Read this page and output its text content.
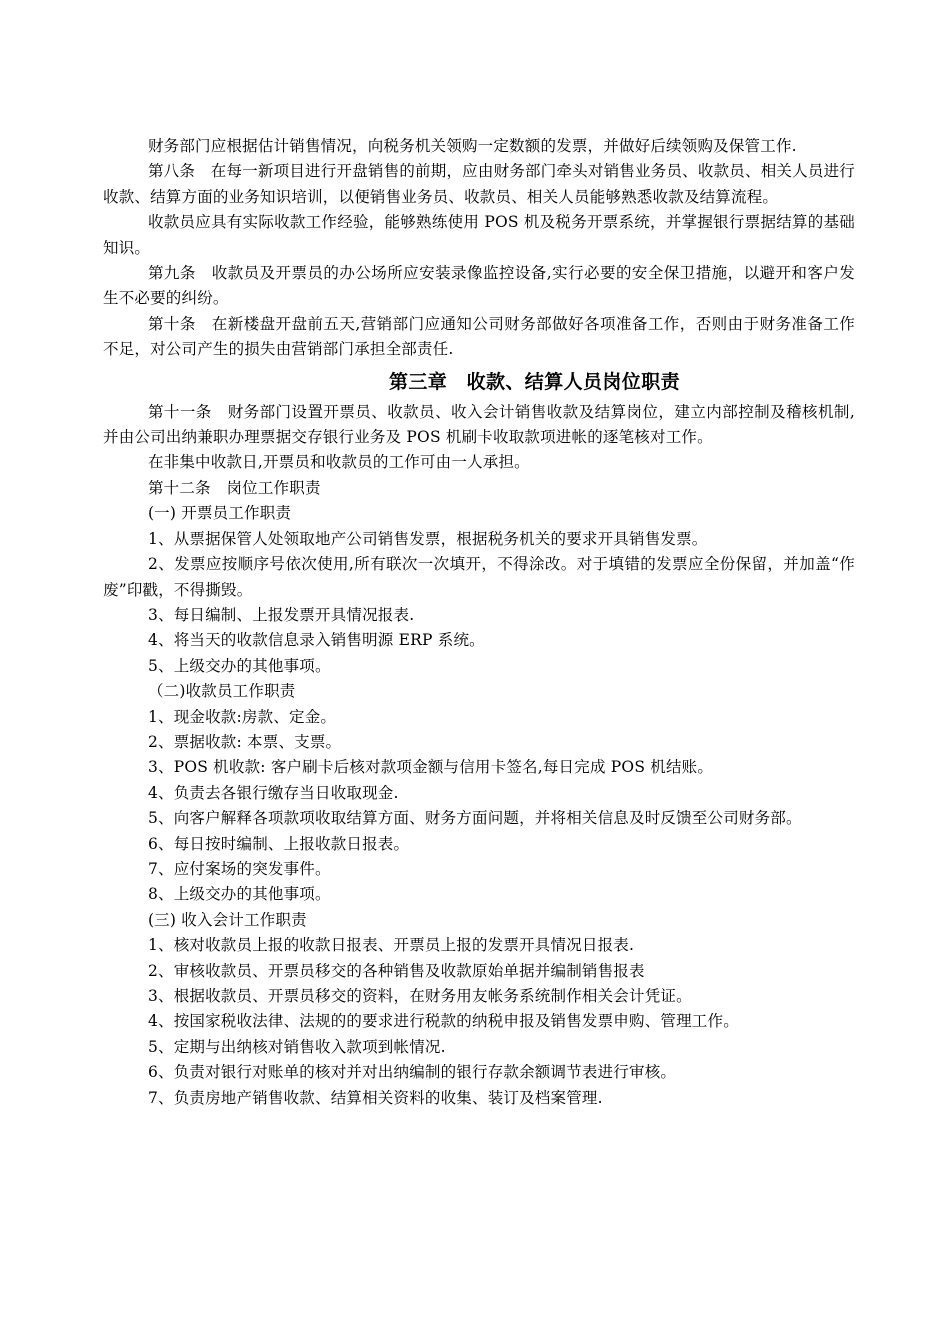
财务部门应根据估计销售情况，向税务机关领购一定数额的发票，并做好后续领购及保管工作.

第八条　在每一新项目进行开盘销售的前期，应由财务部门牵头对销售业务员、收款员、相关人员进行收款、结算方面的业务知识培训，以便销售业务员、收款员、相关人员能够熟悉收款及结算流程。

收款员应具有实际收款工作经验，能够熟练使用 POS 机及税务开票系统，并掌握银行票据结算的基础知识。

第九条　收款员及开票员的办公场所应安装录像监控设备,实行必要的安全保卫措施，以避开和客户发生不必要的纠纷。

第十条　在新楼盘开盘前五天,营销部门应通知公司财务部做好各项准备工作，否则由于财务准备工作不足，对公司产生的损失由营销部门承担全部责任.

第三章　收款、结算人员岗位职责

第十一条　财务部门设置开票员、收款员、收入会计销售收款及结算岗位，建立内部控制及稽核机制,并由公司出纳兼职办理票据交存银行业务及 POS 机刷卡收取款项进帐的逐笔核对工作。

在非集中收款日,开票员和收款员的工作可由一人承担。

第十二条　岗位工作职责

(一) 开票员工作职责

1、从票据保管人处领取地产公司销售发票，根据税务机关的要求开具销售发票。

2、发票应按顺序号依次使用,所有联次一次填开，不得涂改。对于填错的发票应全份保留，并加盖“作废”印戳，不得撕毁。

3、每日编制、上报发票开具情况报表.

4、将当天的收款信息录入销售明源 ERP 系统。

5、上级交办的其他事项。

（二)收款员工作职责

1、现金收款:房款、定金。

2、票据收款: 本票、支票。

3、POS 机收款: 客户刷卡后核对款项金额与信用卡签名,每日完成 POS 机结账。

4、负责去各银行缴存当日收取现金.

5、向客户解释各项款项收取结算方面、财务方面问题，并将相关信息及时反馈至公司财务部。

6、每日按时编制、上报收款日报表。

7、应付案场的突发事件。

8、上级交办的其他事项。

(三) 收入会计工作职责

1、核对收款员上报的收款日报表、开票员上报的发票开具情况日报表.

2、审核收款员、开票员移交的各种销售及收款原始单据并编制销售报表

3、根据收款员、开票员移交的资料，在财务用友帐务系统制作相关会计凭证。

4、按国家税收法律、法规的的要求进行税款的纳税申报及销售发票申购、管理工作。

5、定期与出纳核对销售收入款项到帐情况.

6、负责对银行对账单的核对并对出纳编制的银行存款余额调节表进行审核。

7、负责房地产销售收款、结算相关资料的收集、装订及档案管理.
